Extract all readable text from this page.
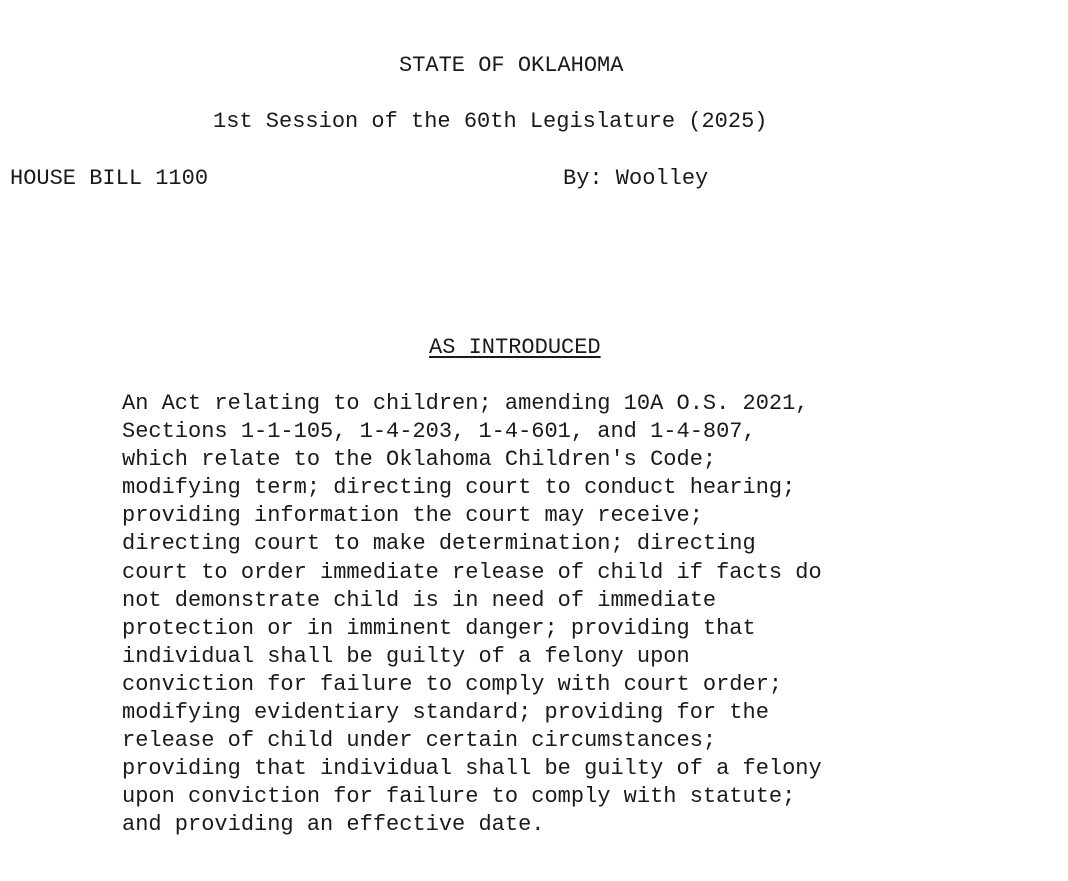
STATE OF OKLAHOMA
1st Session of the 60th Legislature (2025)
HOUSE BILL 1100	By: Woolley
AS INTRODUCED
An Act relating to children; amending 10A O.S. 2021,
Sections 1-1-105, 1-4-203, 1-4-601, and 1-4-807,
which relate to the Oklahoma Children's Code;
modifying term; directing court to conduct hearing;
providing information the court may receive;
directing court to make determination; directing
court to order immediate release of child if facts do
not demonstrate child is in need of immediate
protection or in imminent danger; providing that
individual shall be guilty of a felony upon
conviction for failure to comply with court order;
modifying evidentiary standard; providing for the
release of child under certain circumstances;
providing that individual shall be guilty of a felony
upon conviction for failure to comply with statute;
and providing an effective date.
